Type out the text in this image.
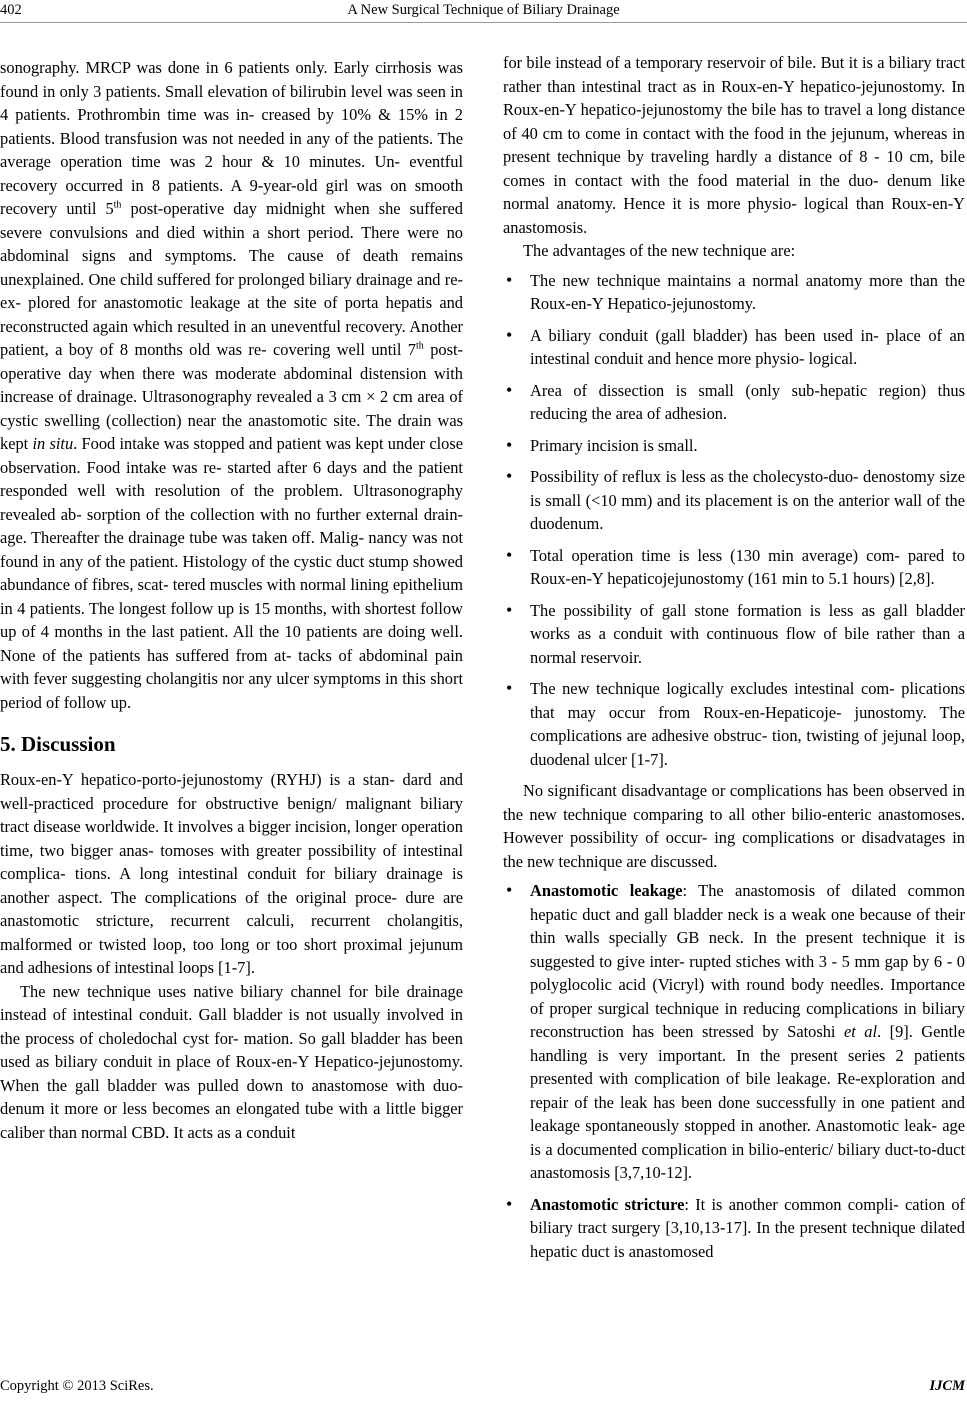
402	A New Surgical Technique of Biliary Drainage

sonography. MRCP was done in 6 patients only. Early cirrhosis was found in only 3 patients. Small elevation of bilirubin level was seen in 4 patients. Prothrombin time was in- creased by 10% & 15% in 2 patients. Blood transfusion was not needed in any of the patients. The average operation time was 2 hour & 10 minutes. Un- eventful recovery occurred in 8 patients. A 9-year-old girl was on smooth recovery until 5th post-operative day midnight when she suffered severe convulsions and died within a short period. There were no abdominal signs and symptoms. The cause of death remains unexplained. One child suffered for prolonged biliary drainage and re-ex- plored for anastomotic leakage at the site of porta hepatis and reconstructed again which resulted in an uneventful recovery. Another patient, a boy of 8 months old was re- covering well until 7th post-operative day when there was moderate abdominal distension with increase of drainage. Ultrasonography revealed a 3 cm × 2 cm area of cystic swelling (collection) near the anastomotic site. The drain was kept in situ. Food intake was stopped and patient was kept under close observation. Food intake was re- started after 6 days and the patient responded well with resolution of the problem. Ultrasonography revealed ab- sorption of the collection with no further external drain- age. Thereafter the drainage tube was taken off. Malig- nancy was not found in any of the patient. Histology of the cystic duct stump showed abundance of fibres, scat- tered muscles with normal lining epithelium in 4 patients. The longest follow up is 15 months, with shortest follow up of 4 months in the last patient. All the 10 patients are doing well. None of the patients has suffered from at- tacks of abdominal pain with fever suggesting cholangitis nor any ulcer symptoms in this short period of follow up.

5. Discussion

Roux-en-Y hepatico-porto-jejunostomy (RYHJ) is a stan- dard and well-practiced procedure for obstructive benign/ malignant biliary tract disease worldwide. It involves a bigger incision, longer operation time, two bigger anas- tomoses with greater possibility of intestinal complica- tions. A long intestinal conduit for biliary drainage is another aspect. The complications of the original proce- dure are anastomotic stricture, recurrent calculi, recurrent cholangitis, malformed or twisted loop, too long or too short proximal jejunum and adhesions of intestinal loops [1-7].

The new technique uses native biliary channel for bile drainage instead of intestinal conduit. Gall bladder is not usually involved in the process of choledochal cyst for- mation. So gall bladder has been used as biliary conduit in place of Roux-en-Y Hepatico-jejunostomy. When the gall bladder was pulled down to anastomose with duo- denum it more or less becomes an elongated tube with a little bigger caliber than normal CBD. It acts as a conduit

for bile instead of a temporary reservoir of bile. But it is a biliary tract rather than intestinal tract as in Roux-en-Y hepatico-jejunostomy. In Roux-en-Y hepatico-jejunostomy the bile has to travel a long distance of 40 cm to come in contact with the food in the jejunum, whereas in present technique by traveling hardly a distance of 8 - 10 cm, bile comes in contact with the food material in the duo- denum like normal anatomy. Hence it is more physio- logical than Roux-en-Y anastomosis.

The advantages of the new technique are:

• The new technique maintains a normal anatomy more than the Roux-en-Y Hepatico-jejunostomy.
• A biliary conduit (gall bladder) has been used in- place of an intestinal conduit and hence more physio- logical.
• Area of dissection is small (only sub-hepatic region) thus reducing the area of adhesion.
• Primary incision is small.
• Possibility of reflux is less as the cholecysto-duo- denostomy size is small (<10 mm) and its placement is on the anterior wall of the duodenum.
• Total operation time is less (130 min average) com- pared to Roux-en-Y hepaticojejunostomy (161 min to 5.1 hours) [2,8].
• The possibility of gall stone formation is less as gall bladder works as a conduit with continuous flow of bile rather than a normal reservoir.
• The new technique logically excludes intestinal com- plications that may occur from Roux-en-Hepaticoje- junostomy. The complications are adhesive obstruc- tion, twisting of jejunal loop, duodenal ulcer [1-7].

No significant disadvantage or complications has been observed in the new technique comparing to all other bilio-enteric anastomoses. However possibility of occur- ing complications or disadvatages in the new technique are discussed.

• Anastomotic leakage: The anastomosis of dilated common hepatic duct and gall bladder neck is a weak one because of their thin walls specially GB neck. In the present technique it is suggested to give inter- rupted stiches with 3 - 5 mm gap by 6 - 0 polyglocolic acid (Vicryl) with round body needles. Importance of proper surgical technique in reducing complications in biliary reconstruction has been stressed by Satoshi et al. [9]. Gentle handling is very important. In the present series 2 patients presented with complication of bile leakage. Re-exploration and repair of the leak has been done successfully in one patient and leakage spontaneously stopped in another. Anastomotic leak- age is a documented complication in bilio-enteric/ biliary duct-to-duct anastomosis [3,7,10-12].
• Anastomotic stricture: It is another common compli- cation of biliary tract surgery [3,10,13-17]. In the present technique dilated hepatic duct is anastomosed
Copyright © 2013 SciRes.	IJCM
